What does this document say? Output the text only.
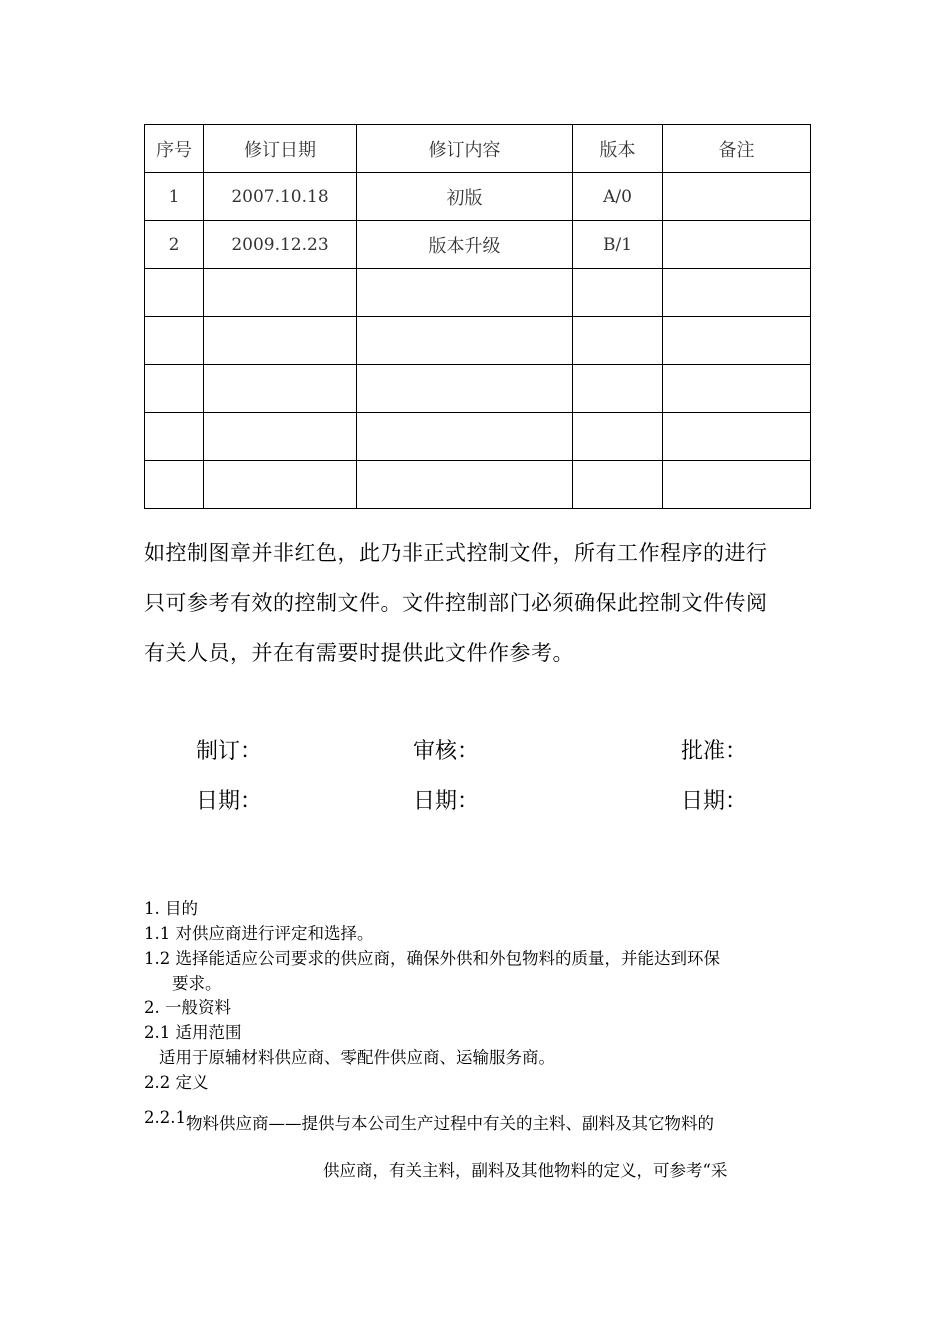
序号	修订日期	修订内容	版本	备注
1	2007.10.18	初版	A/0	
2	2009.12.23	版本升级	B/1	

如控制图章并非红色，此乃非正式控制文件，所有工作程序的进行

只可参考有效的控制文件。文件控制部门必须确保此控制文件传阅

有关人员，并在有需要时提供此文件作参考。

制订：	审核：	批准：
日期：	日期：	日期：
1. 目的
1.1 对供应商进行评定和选择。
1.2 选择能适应公司要求的供应商，确保外供和外包物料的质量，并能达到环保
要求。
2. 一般资料
2.1 适用范围
适用于原辅材料供应商、零配件供应商、运输服务商。
2.2 定义
2.2.1 物料供应商——提供与本公司生产过程中有关的主料、副料及其它物料的
供应商，有关主料，副料及其他物料的定义，可参考“采
